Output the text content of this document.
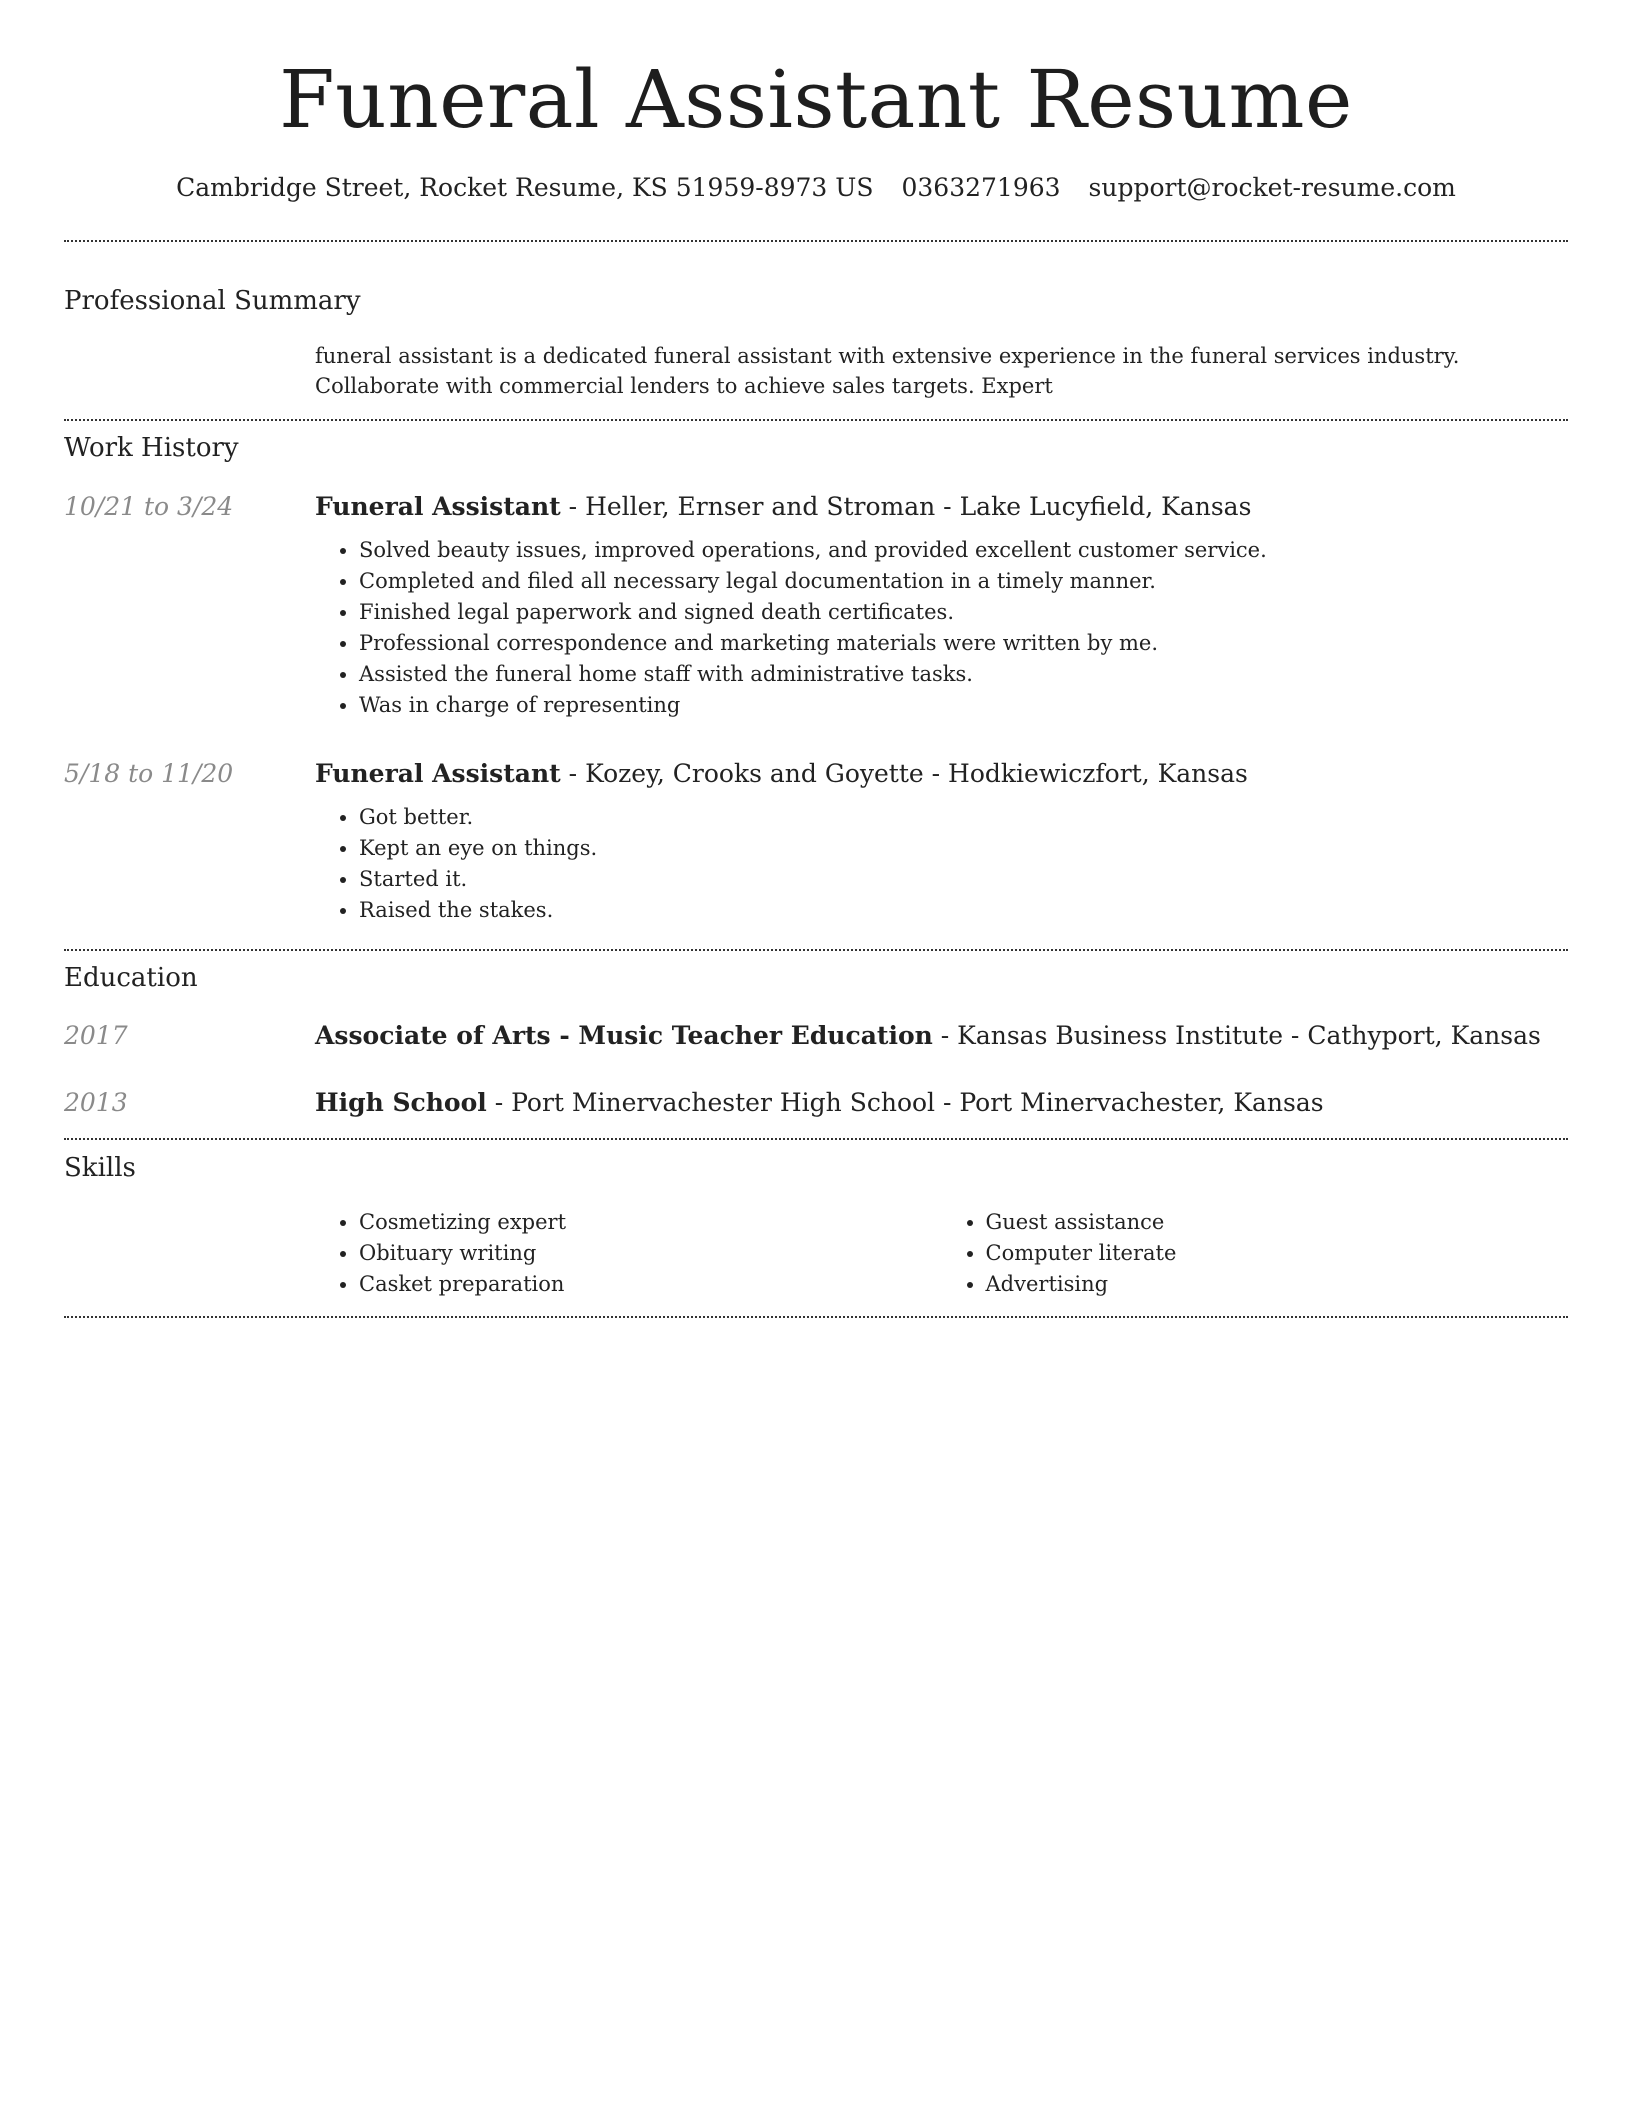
Funeral Assistant Resume
Cambridge Street, Rocket Resume, KS 51959-8973 US 0363271963 support@rocket-resume.com
Professional Summary
funeral assistant is a dedicated funeral assistant with extensive experience in the funeral services industry. Collaborate with commercial lenders to achieve sales targets. Expert
Work History
10/21 to 3/24	Funeral Assistant - Heller, Ernser and Stroman - Lake Lucyfield, Kansas
• Solved beauty issues, improved operations, and provided excellent customer service.
• Completed and filed all necessary legal documentation in a timely manner.
• Finished legal paperwork and signed death certificates.
• Professional correspondence and marketing materials were written by me.
• Assisted the funeral home staff with administrative tasks.
• Was in charge of representing
5/18 to 11/20	Funeral Assistant - Kozey, Crooks and Goyette - Hodkiewiczfort, Kansas
• Got better.
• Kept an eye on things.
• Started it.
• Raised the stakes.
Education
2017	Associate of Arts - Music Teacher Education - Kansas Business Institute - Cathyport, Kansas
2013	High School - Port Minervachester High School - Port Minervachester, Kansas
Skills
• Cosmetizing expert
• Obituary writing
• Casket preparation
• Guest assistance
• Computer literate
• Advertising
